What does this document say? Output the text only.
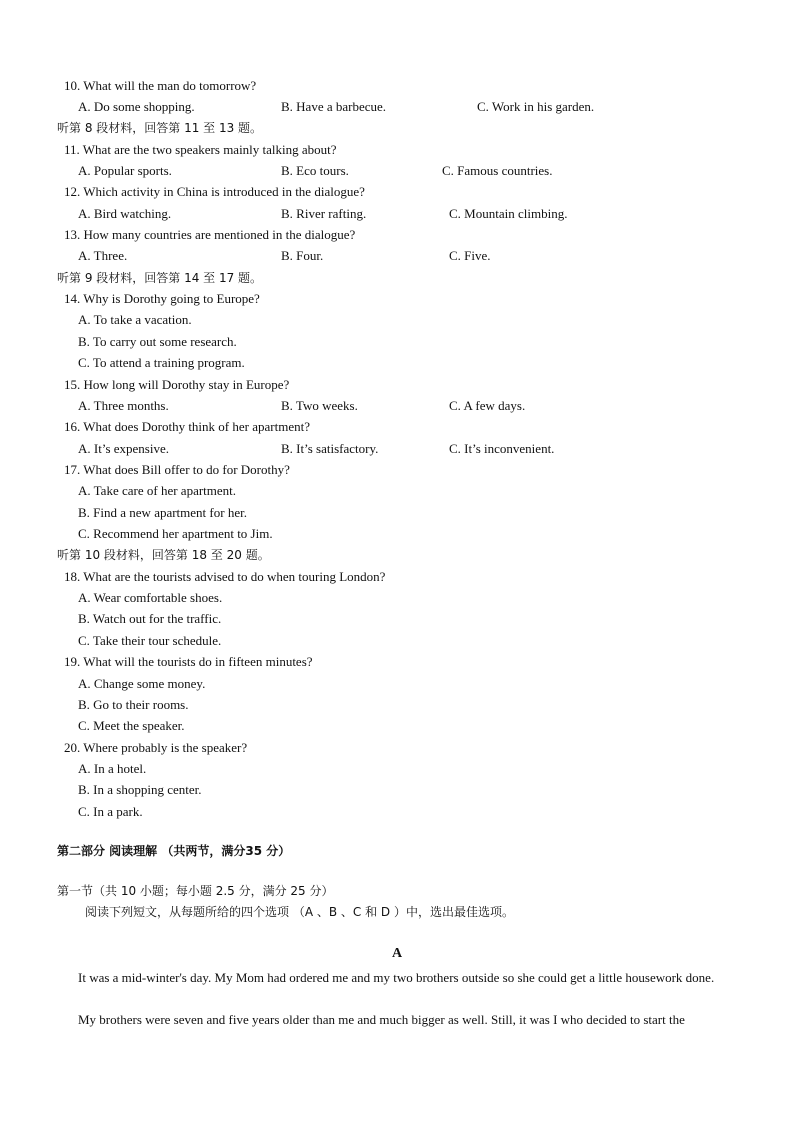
10. What will the man do tomorrow?
A. Do some shopping.	B. Have a barbecue.	C. Work in his garden.
听第 8 段材料，回答第 11 至 13 题。
11. What are the two speakers mainly talking about?
A. Popular sports.	B. Eco tours.	C. Famous countries.
12. Which activity in China is introduced in the dialogue?
A. Bird watching.	B. River rafting.	C. Mountain climbing.
13. How many countries are mentioned in the dialogue?
A. Three.	B. Four.	C. Five.
听第 9 段材料，回答第 14 至 17 题。
14. Why is Dorothy going to Europe?
A. To take a vacation.
B. To carry out some research.
C. To attend a training program.
15. How long will Dorothy stay in Europe?
A. Three months.	B. Two weeks.	C. A few days.
16. What does Dorothy think of her apartment?
A. It’s expensive.	B. It’s satisfactory.	C. It’s inconvenient.
17. What does Bill offer to do for Dorothy?
A. Take care of her apartment.
B. Find a new apartment for her.
C. Recommend her apartment to Jim.
听第 10 段材料，回答第 18 至 20 题。
18. What are the tourists advised to do when touring London?
A. Wear comfortable shoes.
B. Watch out for the traffic.
C. Take their tour schedule.
19. What will the tourists do in fifteen minutes?
A. Change some money.
B. Go to their rooms.
C. Meet the speaker.
20. Where probably is the speaker?
A. In a hotel.
B. In a shopping center.
C. In a park.
第二部分 阅读理解 （共两节，满分35 分）
第一节（共 10 小题；每小题 2.5 分，满分 25 分）
阅读下列短文，从每题所给的四个选项 （A 、B 、C 和 D ）中，选出最佳选项。
A
It was a mid-winter's day. My Mom had ordered me and my two brothers outside so she could get a little housework done.
My brothers were seven and five years older than me and much bigger as well. Still, it was I who decided to start the
